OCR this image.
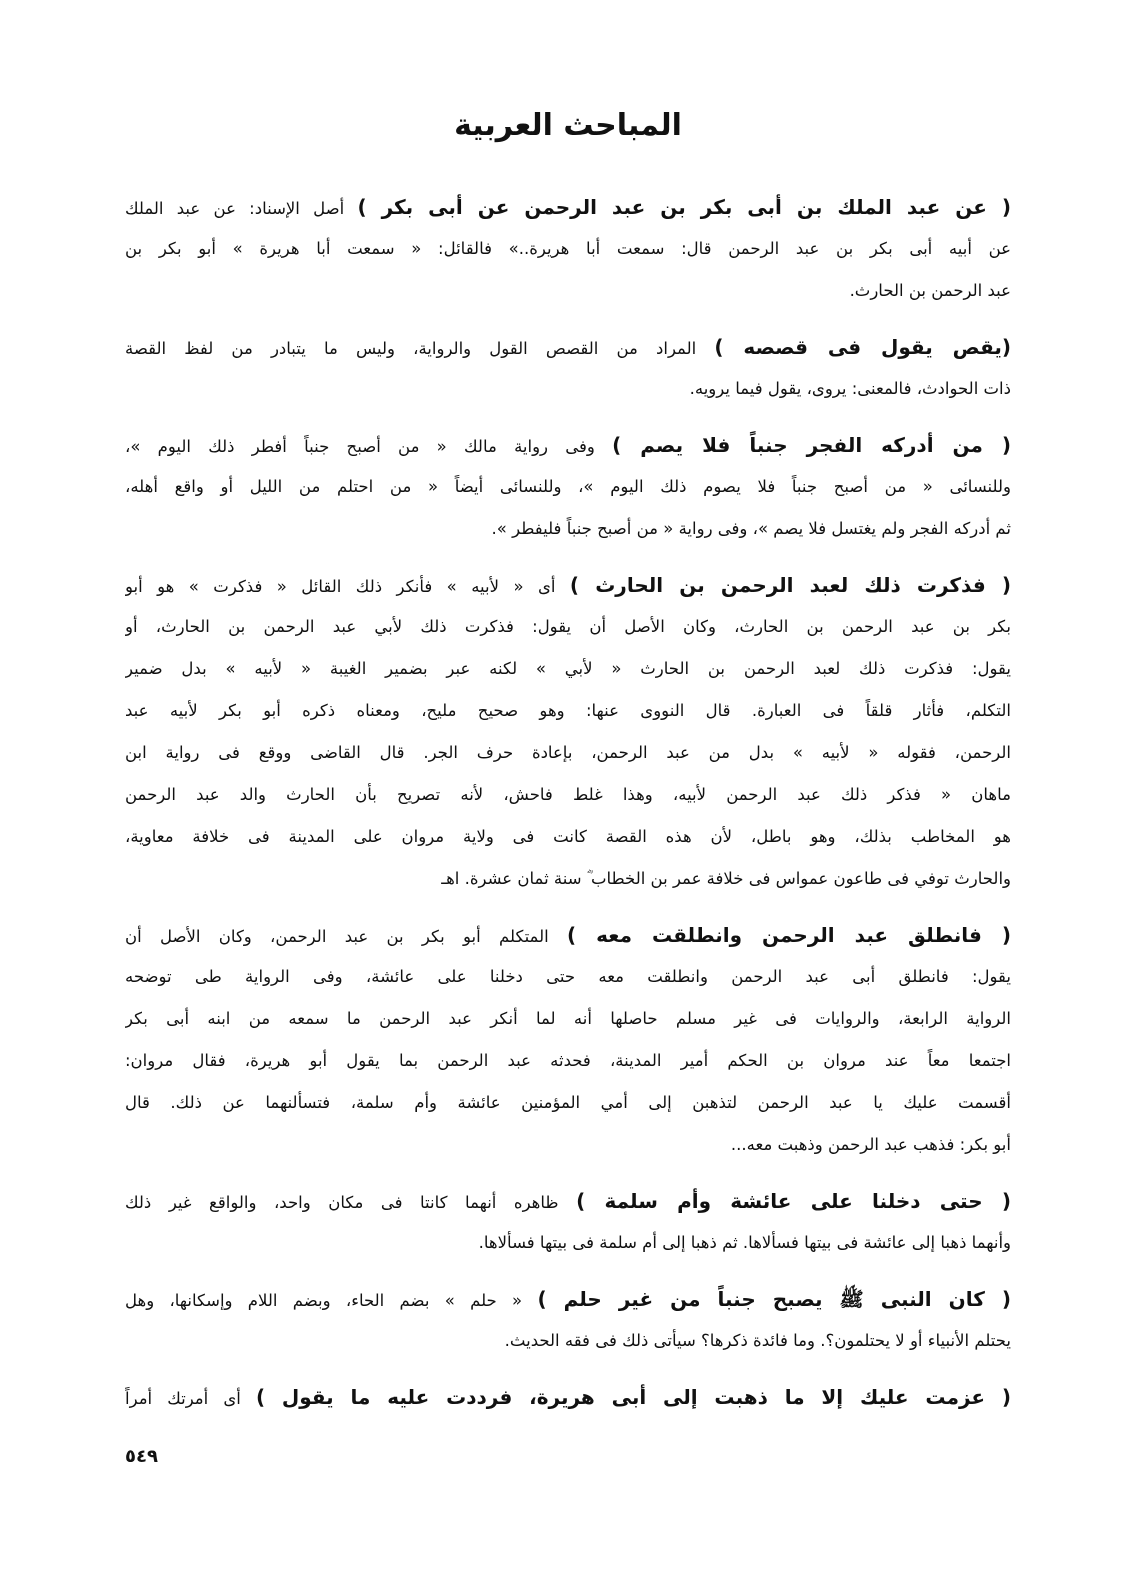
المباحث العربية
( عن عبد الملك بن أبى بكر بن عبد الرحمن عن أبى بكر ) أصل الإسناد: عن عبد الملك
عن أبيه أبى بكر بن عبد الرحمن قال: سمعت أبا هريرة..» فالقائل: « سمعت أبا هريرة » أبو بكر بن
عبد الرحمن بن الحارث.
(يقص يقول فى قصصه ) المراد من القصص القول والرواية، وليس ما يتبادر من لفظ القصة
ذات الحوادث، فالمعنى: يروى، يقول فيما يرويه.
( من أدركه الفجر جنباً فلا يصم ) وفى رواية مالك « من أصبح جنباً أفطر ذلك اليوم »،
وللنسائى « من أصبح جنباً فلا يصوم ذلك اليوم »، وللنسائى أيضاً « من احتلم من الليل أو واقع أهله،
ثم أدركه الفجر ولم يغتسل فلا يصم »، وفى رواية « من أصبح جنباً فليفطر ».
( فذكرت ذلك لعبد الرحمن بن الحارث ) أى « لأبيه » فأنكر ذلك القائل « فذكرت » هو أبو
بكر بن عبد الرحمن بن الحارث، وكان الأصل أن يقول: فذكرت ذلك لأبي عبد الرحمن بن الحارث، أو
يقول: فذكرت ذلك لعبد الرحمن بن الحارث « لأبي » لكنه عبر بضمير الغيبة « لأبيه » بدل ضمير
التكلم، فأثار قلقاً فى العبارة. قال النووى عنها: وهو صحيح مليح، ومعناه ذكره أبو بكر لأبيه عبد
الرحمن، فقوله « لأبيه » بدل من عبد الرحمن، بإعادة حرف الجر. قال القاضى ووقع فى رواية ابن
ماهان « فذكر ذلك عبد الرحمن لأبيه، وهذا غلط فاحش، لأنه تصريح بأن الحارث والد عبد الرحمن
هو المخاطب بذلك، وهو باطل، لأن هذه القصة كانت فى ولاية مروان على المدينة فى خلافة معاوية،
والحارث توفي فى طاعون عمواس فى خلافة عمر بن الخطاب ؓ سنة ثمان عشرة. اهـ
( فانطلق عبد الرحمن وانطلقت معه ) المتكلم أبو بكر بن عبد الرحمن، وكان الأصل أن
يقول: فانطلق أبى عبد الرحمن وانطلقت معه حتى دخلنا على عائشة، وفى الرواية طى توضحه
الرواية الرابعة، والروايات فى غير مسلم حاصلها أنه لما أنكر عبد الرحمن ما سمعه من ابنه أبى بكر
اجتمعا معاً عند مروان بن الحكم أمير المدينة، فحدثه عبد الرحمن بما يقول أبو هريرة، فقال مروان:
أقسمت عليك يا عبد الرحمن لتذهبن إلى أمي المؤمنين عائشة وأم سلمة، فتسألنهما عن ذلك. قال
أبو بكر: فذهب عبد الرحمن وذهبت معه...
( حتى دخلنا على عائشة وأم سلمة ) ظاهره أنهما كانتا فى مكان واحد، والواقع غير ذلك
وأنهما ذهبا إلى عائشة فى بيتها فسألاها. ثم ذهبا إلى أم سلمة فى بيتها فسألاها.
( كان النبى ﷺ يصبح جنباً من غير حلم ) « حلم » بضم الحاء، وبضم اللام وإسكانها، وهل
يحتلم الأنبياء أو لا يحتلمون؟. وما فائدة ذكرها؟ سيأتى ذلك فى فقه الحديث.
( عزمت عليك إلا ما ذهبت إلى أبى هريرة، فرددت عليه ما يقول ) أى أمرتك أمراً
٥٤٩
